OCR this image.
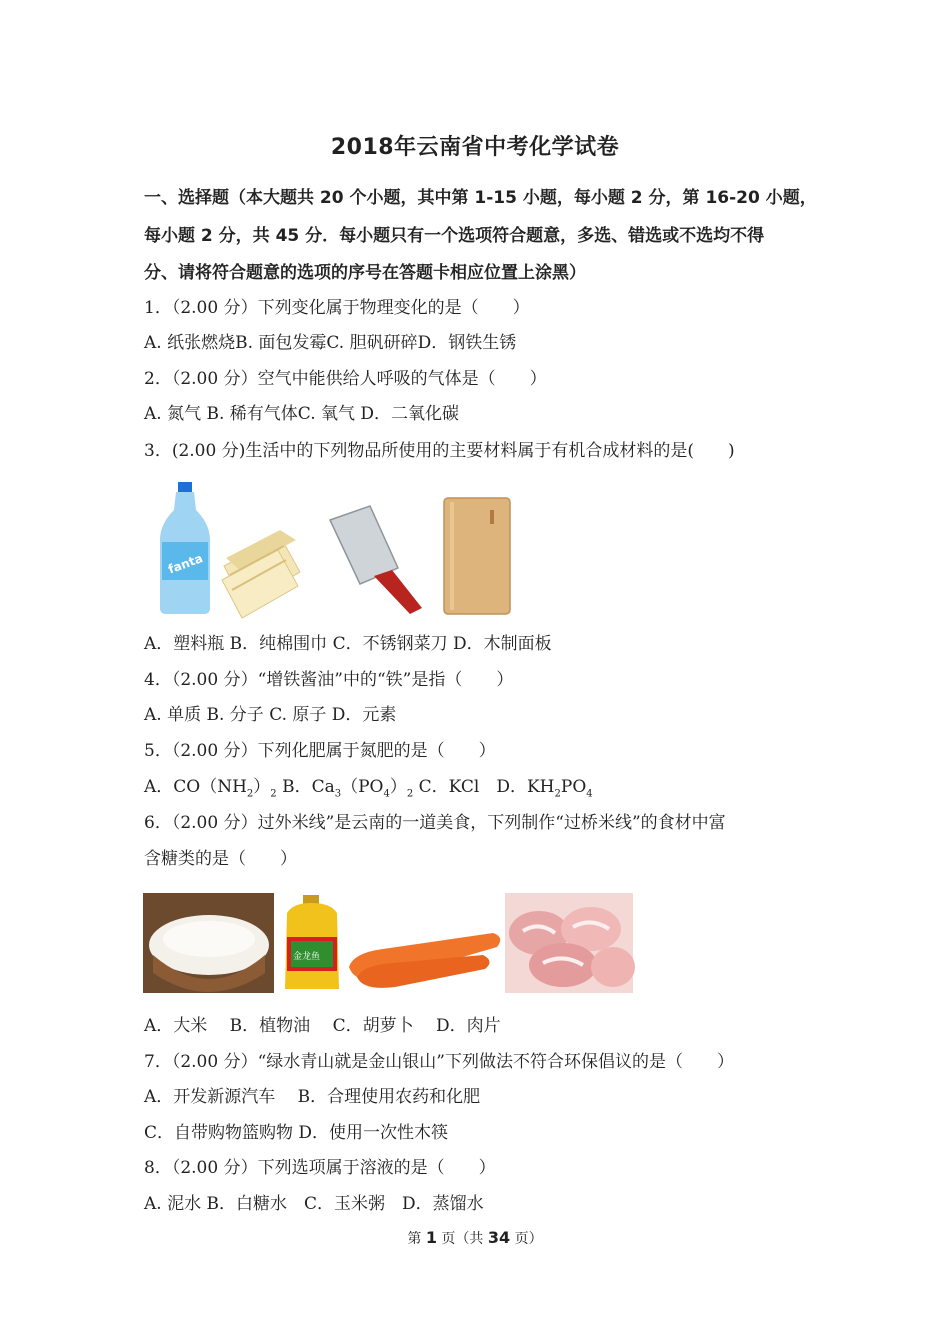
2018年云南省中考化学试卷
一、选择题（本大题共 20 个小题，其中第 1-15 小题，每小题 2 分，第 16-20 小题，
每小题 2 分，共 45 分．每小题只有一个选项符合题意，多选、错选或不选均不得
分、请将符合题意的选项的序号在答题卡相应位置上涂黑）
1．（2.00 分）下列变化属于物理变化的是（　　）
A. 纸张燃烧B. 面包发霉C. 胆矾研碎D．钢铁生锈
2．（2.00 分）空气中能供给人呼吸的气体是（　　）
A. 氮气 B. 稀有气体C. 氧气 D．二氧化碳
3．(2.00 分)生活中的下列物品所使用的主要材料属于有机合成材料的是(　　)
fanta
A．塑料瓶 B．纯棉围巾 C．不锈钢菜刀 D．木制面板
4．（2.00 分）“增铁酱油”中的“铁”是指（　　）
A. 单质 B. 分子 C. 原子 D．元素
5．（2.00 分）下列化肥属于氮肥的是（　　）
A．$CO(NH_2)_2$ B．$Ca_3(PO_4)_2$ C．KCl　D．$KH_2PO_4$
6．（2.00 分）过外米线”是云南的一道美食，下列制作“过桥米线”的食材中富
含糖类的是（　　）
金龙鱼
A．大米　 B．植物油　 C．胡萝卜　 D．肉片
7．（2.00 分）“绿水青山就是金山银山”下列做法不符合环保倡议的是（　　）
A．开发新源汽车　 B．合理使用农药和化肥
C．自带购物篮购物 D．使用一次性木筷
8．（2.00 分）下列选项属于溶液的是（　　）
A. 泥水 B．白糖水　C．玉米粥　D．蒸馏水
第 1 页（共 34 页）
